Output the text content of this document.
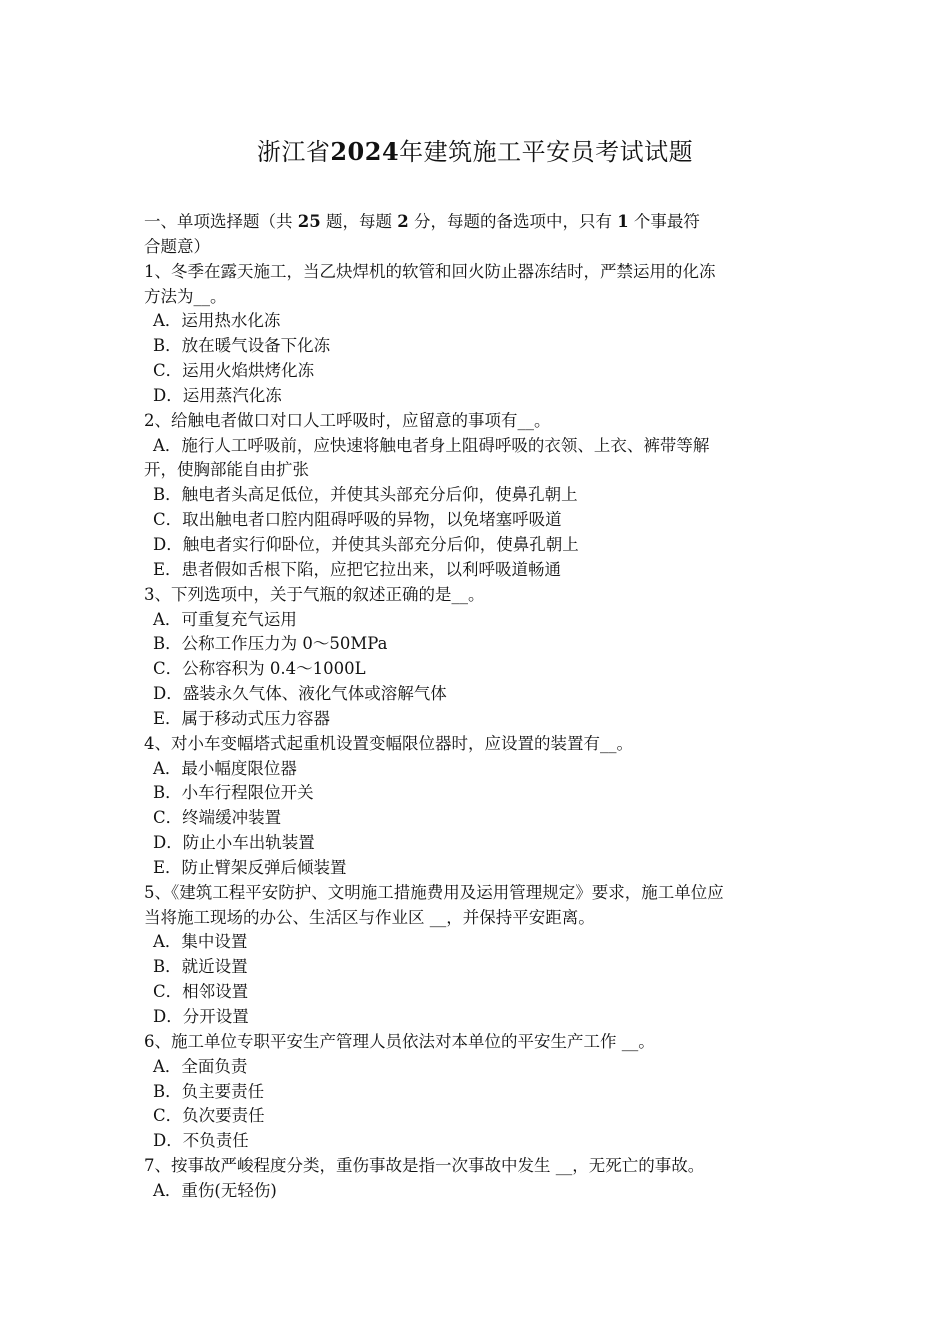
浙江省2024年建筑施工平安员考试试题
一、单项选择题（共 25 题，每题 2 分，每题的备选项中，只有 1 个事最符
合题意）
1、冬季在露天施工，当乙炔焊机的软管和回火防止器冻结时，严禁运用的化冻
方法为__。
A．运用热水化冻
B．放在暖气设备下化冻
C．运用火焰烘烤化冻
D．运用蒸汽化冻
2、给触电者做口对口人工呼吸时，应留意的事项有__。
A．施行人工呼吸前，应快速将触电者身上阻碍呼吸的衣领、上衣、裤带等解
开，使胸部能自由扩张
B．触电者头高足低位，并使其头部充分后仰，使鼻孔朝上
C．取出触电者口腔内阻碍呼吸的异物，以免堵塞呼吸道
D．触电者实行仰卧位，并使其头部充分后仰，使鼻孔朝上
E．患者假如舌根下陷，应把它拉出来，以利呼吸道畅通
3、下列选项中，关于气瓶的叙述正确的是__。
A．可重复充气运用
B．公称工作压力为 0～50MPa
C．公称容积为 0.4～1000L
D．盛装永久气体、液化气体或溶解气体
E．属于移动式压力容器
4、对小车变幅塔式起重机设置变幅限位器时，应设置的装置有__。
A．最小幅度限位器
B．小车行程限位开关
C．终端缓冲装置
D．防止小车出轨装置
E．防止臂架反弹后倾装置
5、《建筑工程平安防护、文明施工措施费用及运用管理规定》要求，施工单位应
当将施工现场的办公、生活区与作业区 __，并保持平安距离。
A．集中设置
B．就近设置
C．相邻设置
D．分开设置
6、施工单位专职平安生产管理人员依法对本单位的平安生产工作 __。
A．全面负责
B．负主要责任
C．负次要责任
D．不负责任
7、按事故严峻程度分类，重伤事故是指一次事故中发生 __，无死亡的事故。
A．重伤(无轻伤)
